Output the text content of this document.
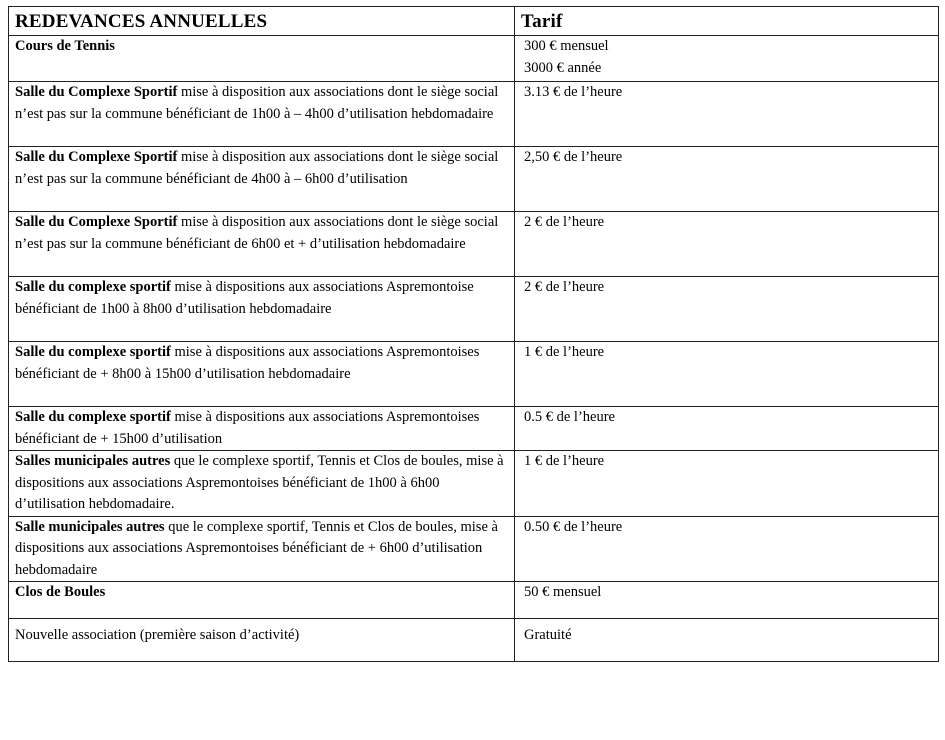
REDEVANCES ANNUELLES	Tarif
Cours de Tennis	300 € mensuel
3000 € année

Salle du Complexe Sportif mise à disposition aux associations dont le siège social n’est pas sur la commune bénéficiant de 1h00 à – 4h00 d’utilisation hebdomadaire	3.13 € de l’heure

Salle du Complexe Sportif mise à disposition aux associations dont le siège social n’est pas sur la commune bénéficiant de 4h00 à – 6h00 d’utilisation	2,50 € de l’heure

Salle du Complexe Sportif mise à disposition aux associations dont le siège social n’est pas sur la commune bénéficiant de 6h00 et + d’utilisation hebdomadaire	2 € de l’heure

Salle du complexe sportif mise à dispositions aux associations Aspremontoise bénéficiant de 1h00 à 8h00 d’utilisation hebdomadaire	2 € de l’heure

Salle du complexe sportif mise à dispositions aux associations Aspremontoises bénéficiant de + 8h00 à 15h00 d’utilisation hebdomadaire	1 € de l’heure

Salle du complexe sportif mise à dispositions aux associations Aspremontoises bénéficiant de + 15h00 d’utilisation	0.5 € de l’heure

Salles municipales autres que le complexe sportif, Tennis et Clos de boules, mise à dispositions aux associations Aspremontoises bénéficiant de 1h00 à 6h00 d’utilisation hebdomadaire.	1 € de l’heure

Salle municipales autres que le complexe sportif, Tennis et Clos de boules, mise à dispositions aux associations Aspremontoises bénéficiant de + 6h00 d’utilisation hebdomadaire	0.50 € de l’heure

Clos de Boules	50 € mensuel

Nouvelle association (première saison d’activité)	Gratuité
